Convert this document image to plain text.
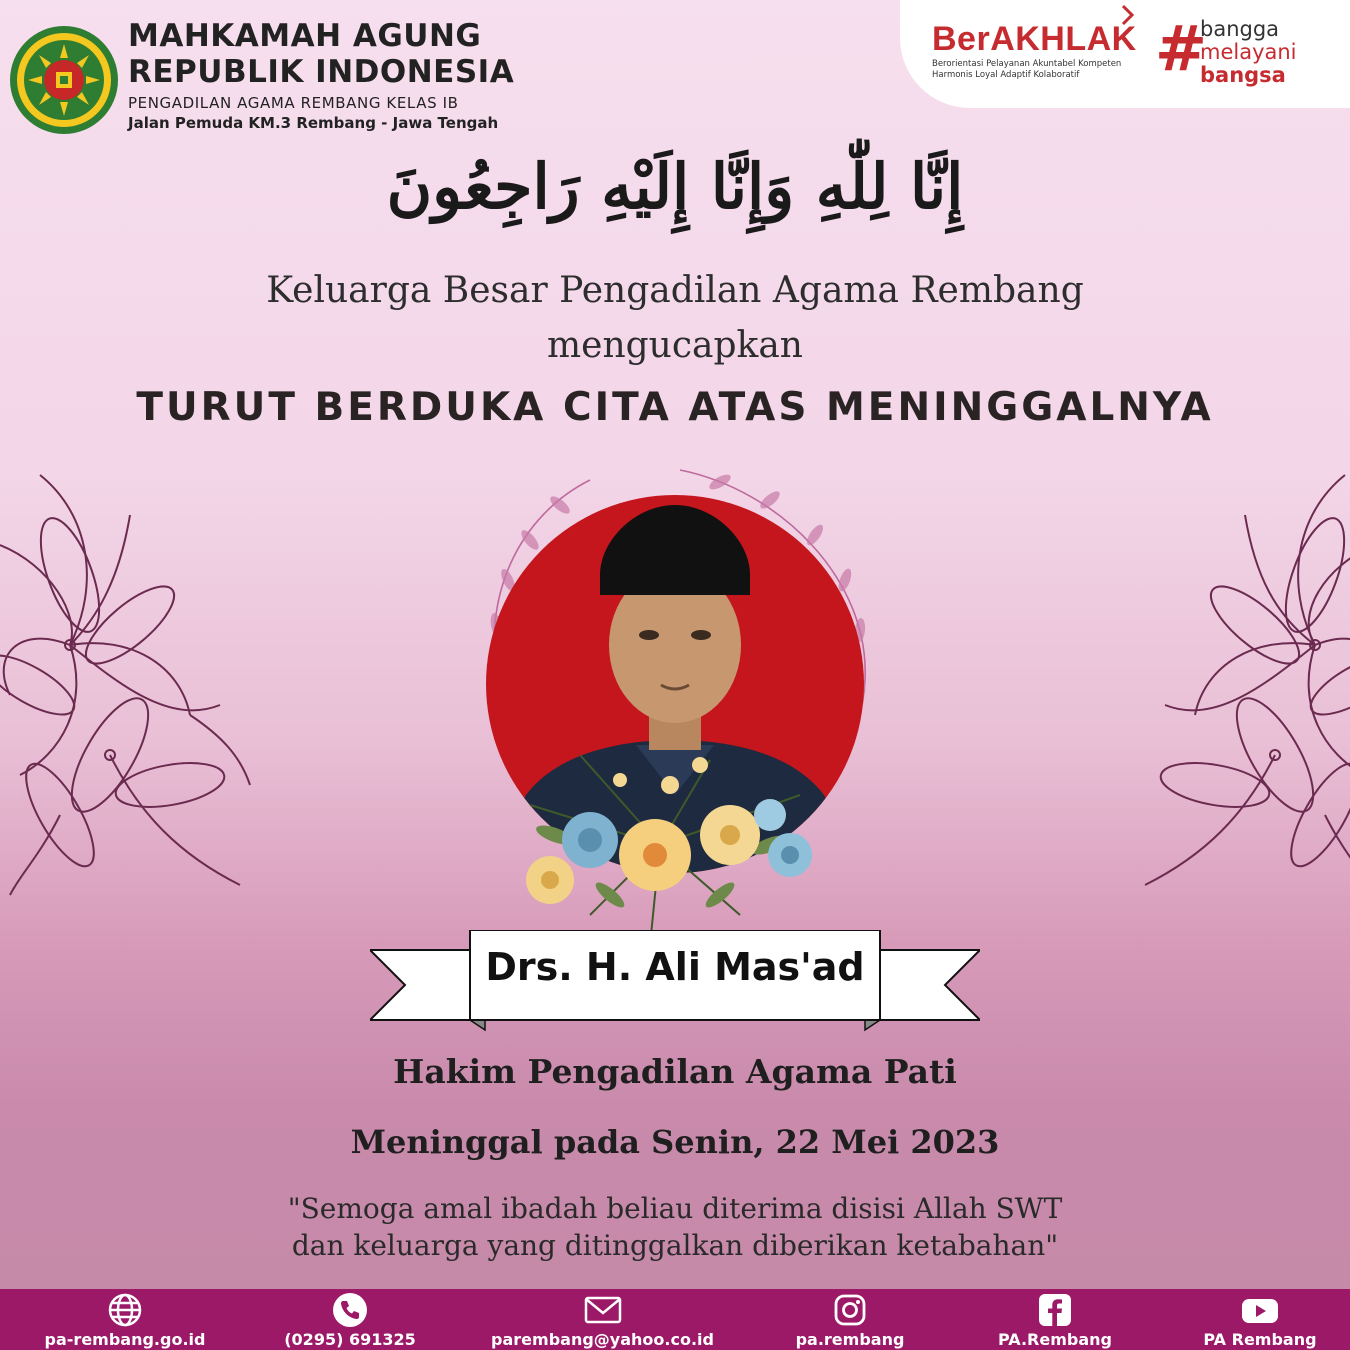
MAHKAMAH AGUNG
REPUBLIK INDONESIA
PENGADILAN AGAMA REMBANG KELAS IB
Jalan Pemuda KM.3 Rembang - Jawa Tengah
BerAKHLAK
Berorientasi Pelayanan Akuntabel Kompeten
Harmonis Loyal Adaptif Kolaboratif	#
bangga
melayani
bangsa
إِنَّا لِلّٰهِ وَإِنَّا إِلَيْهِ رَاجِعُونَ
Keluarga Besar Pengadilan Agama Rembang
mengucapkan
TURUT BERDUKA CITA ATAS MENINGGALNYA
Drs. H. Ali Mas'ad
Hakim Pengadilan Agama Pati
Meninggal pada Senin, 22 Mei 2023
"Semoga amal ibadah beliau diterima disisi Allah SWT
dan keluarga yang ditinggalkan diberikan ketabahan"
pa-rembang.go.id	(0295) 691325	parembang@yahoo.co.id	pa.rembang	PA.Rembang	PA Rembang
